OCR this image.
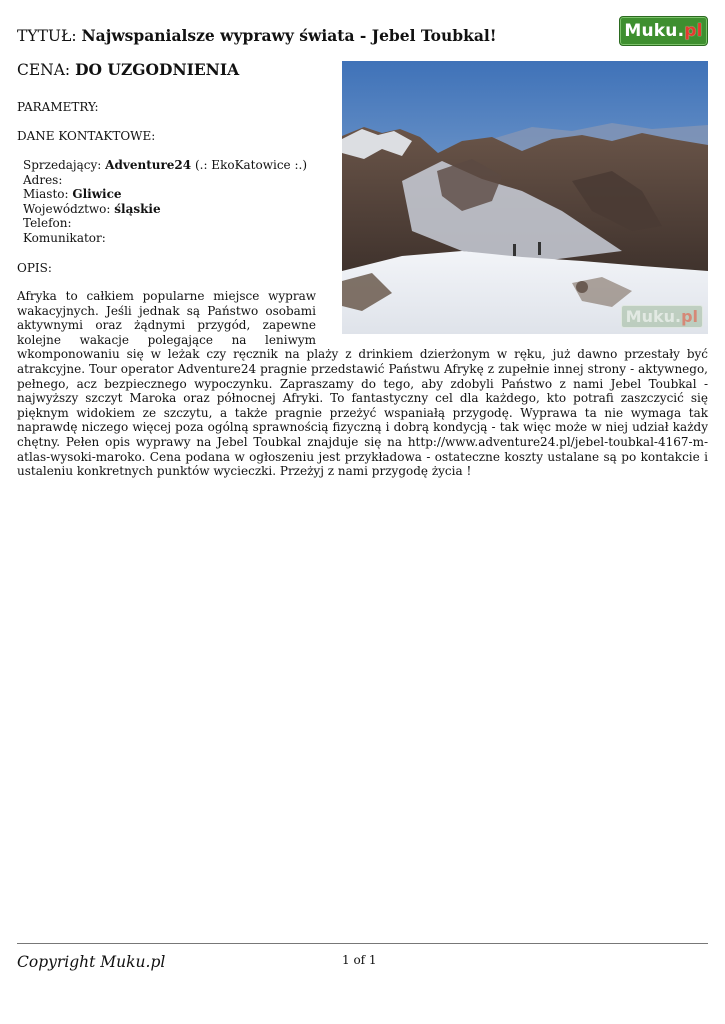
TYTUŁ: Najwspanialsze wyprawy świata - Jebel Toubkal!
CENA: DO UZGODNIENIA
Muku . pl
Muku.pl
PARAMETRY:
DANE KONTAKTOWE:
Sprzedający: Adventure24 (.: EkoKatowice :.)
Adres:
Miasto: Gliwice
Województwo: śląskie
Telefon:
Komunikator:
OPIS:
Afryka to całkiem popularne miejsce wypraw wakacyjnych. Jeśli jednak są Państwo osobami aktywnymi oraz żądnymi przygód, zapewne kolejne wakacje polegające na leniwym wkomponowaniu się w leżak czy ręcznik na plaży z drinkiem dzierżonym w ręku, już dawno przestały być atrakcyjne. Tour operator Adventure24 pragnie przedstawić Państwu Afrykę z zupełnie innej strony - aktywnego, pełnego, acz bezpiecznego wypoczynku. Zapraszamy do tego, aby zdobyli Państwo z nami Jebel Toubkal - najwyższy szczyt Maroka oraz północnej Afryki. To fantastyczny cel dla każdego, kto potrafi zaszczycić się pięknym widokiem ze szczytu, a także pragnie przeżyć wspaniałą przygodę. Wyprawa ta nie wymaga tak naprawdę niczego więcej poza ogólną sprawnością fizyczną i dobrą kondycją - tak więc może w niej udział każdy chętny. Pełen opis wyprawy na Jebel Toubkal znajduje się na http://www.adventure24.pl/jebel-toubkal-4167-m-atlas-wysoki-maroko. Cena podana w ogłoszeniu jest przykładowa - ostateczne koszty ustalane są po kontakcie i ustaleniu konkretnych punktów wycieczki. Przeżyj z nami przygodę życia !
Copyright Muku.pl	1 of 1
